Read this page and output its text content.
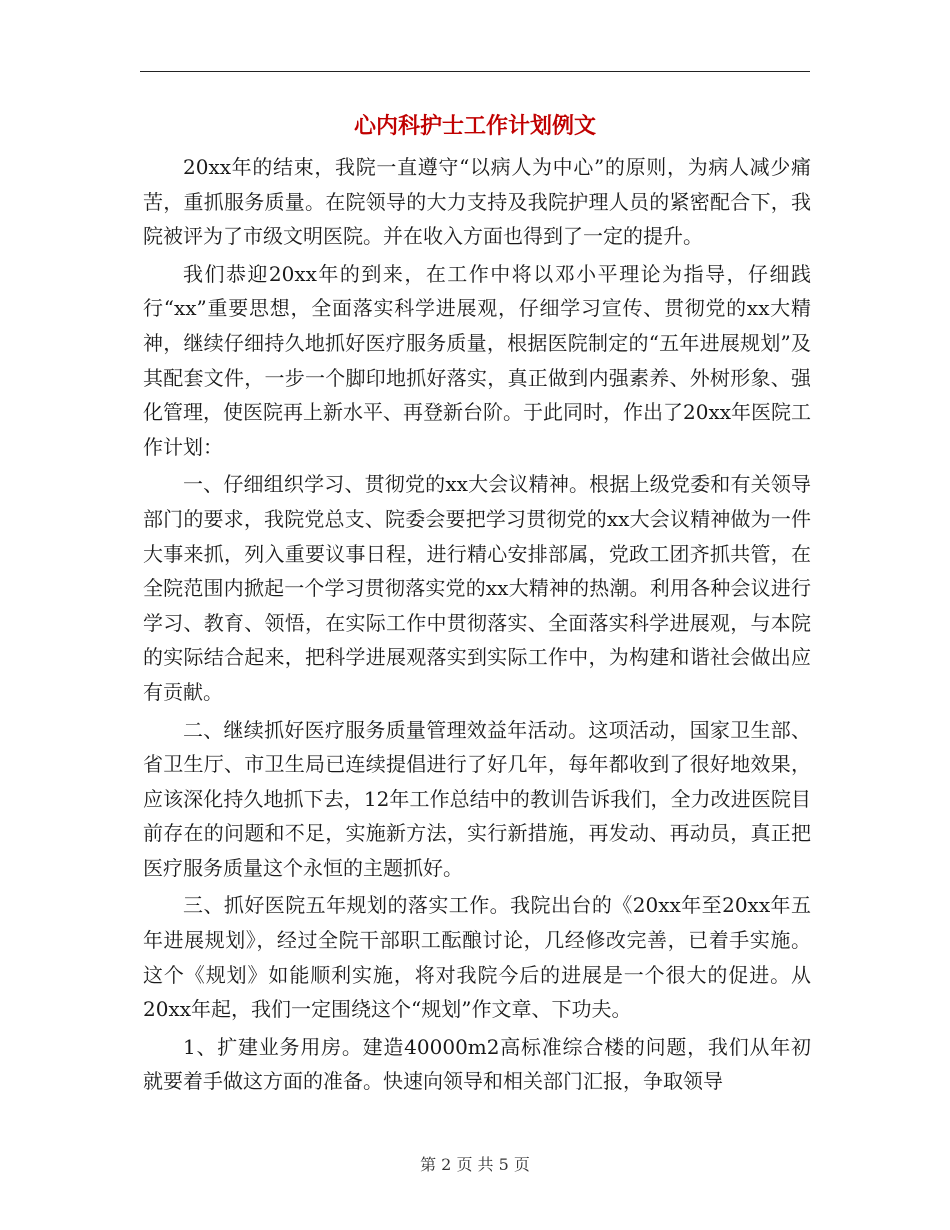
心内科护士工作计划例文

20xx年的结束，我院一直遵守“以病人为中心”的原则，为病人减少痛苦，重抓服务质量。在院领导的大力支持及我院护理人员的紧密配合下，我院被评为了市级文明医院。并在收入方面也得到了一定的提升。

我们恭迎20xx年的到来，在工作中将以邓小平理论为指导，仔细践行“xx”重要思想，全面落实科学进展观，仔细学习宣传、贯彻党的xx大精神，继续仔细持久地抓好医疗服务质量，根据医院制定的“五年进展规划”及其配套文件，一步一个脚印地抓好落实，真正做到内强素养、外树形象、强化管理，使医院再上新水平、再登新台阶。于此同时，作出了20xx年医院工作计划：

一、仔细组织学习、贯彻党的xx大会议精神。根据上级党委和有关领导部门的要求，我院党总支、院委会要把学习贯彻党的xx大会议精神做为一件大事来抓，列入重要议事日程，进行精心安排部属，党政工团齐抓共管，在全院范围内掀起一个学习贯彻落实党的xx大精神的热潮。利用各种会议进行学习、教育、领悟，在实际工作中贯彻落实、全面落实科学进展观，与本院的实际结合起来，把科学进展观落实到实际工作中，为构建和谐社会做出应有贡献。

二、继续抓好医疗服务质量管理效益年活动。这项活动，国家卫生部、省卫生厅、市卫生局已连续提倡进行了好几年，每年都收到了很好地效果，应该深化持久地抓下去，12年工作总结中的教训告诉我们，全力改进医院目前存在的问题和不足，实施新方法，实行新措施，再发动、再动员，真正把医疗服务质量这个永恒的主题抓好。

三、抓好医院五年规划的落实工作。我院出台的《20xx年至20xx年五年进展规划》，经过全院干部职工酝酿讨论，几经修改完善，已着手实施。这个《规划》如能顺利实施，将对我院今后的进展是一个很大的促进。从20xx年起，我们一定围绕这个“规划”作文章、下功夫。

1、扩建业务用房。建造40000m2高标准综合楼的问题，我们从年初就要着手做这方面的准备。快速向领导和相关部门汇报，争取领导

第 2 页 共 5 页
